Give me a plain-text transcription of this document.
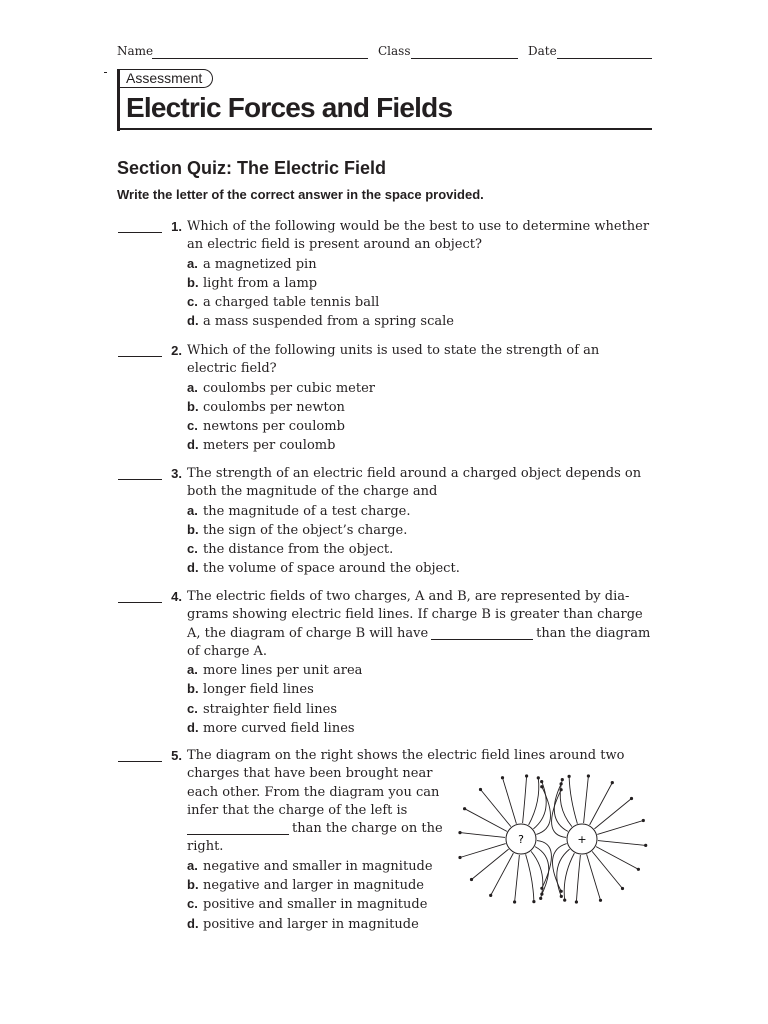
Name	Class	Date
Assessment
Electric Forces and Fields
Section Quiz: The Electric Field
Write the letter of the correct answer in the space provided.
1. Which of the following would be the best to use to determine whether
an electric field is present around an object?
a. a magnetized pin
b. light from a lamp
c. a charged table tennis ball
d. a mass suspended from a spring scale
2. Which of the following units is used to state the strength of an
electric field?
a. coulombs per cubic meter
b. coulombs per newton
c. newtons per coulomb
d. meters per coulomb
3. The strength of an electric field around a charged object depends on
both the magnitude of the charge and
a. the magnitude of a test charge.
b. the sign of the object’s charge.
c. the distance from the object.
d. the volume of space around the object.
4. The electric fields of two charges, A and B, are represented by dia-
grams showing electric field lines. If charge B is greater than charge
A, the diagram of charge B will have	than the diagram
of charge A.
a. more lines per unit area
b. longer field lines
c. straighter field lines
d. more curved field lines
5. The diagram on the right shows the electric field lines around two
charges that have been brought near
each other. From the diagram you can
infer that the charge of the left is
than the charge on the
right.
a. negative and smaller in magnitude
b. negative and larger in magnitude
c. positive and smaller in magnitude
d. positive and larger in magnitude
?	+
